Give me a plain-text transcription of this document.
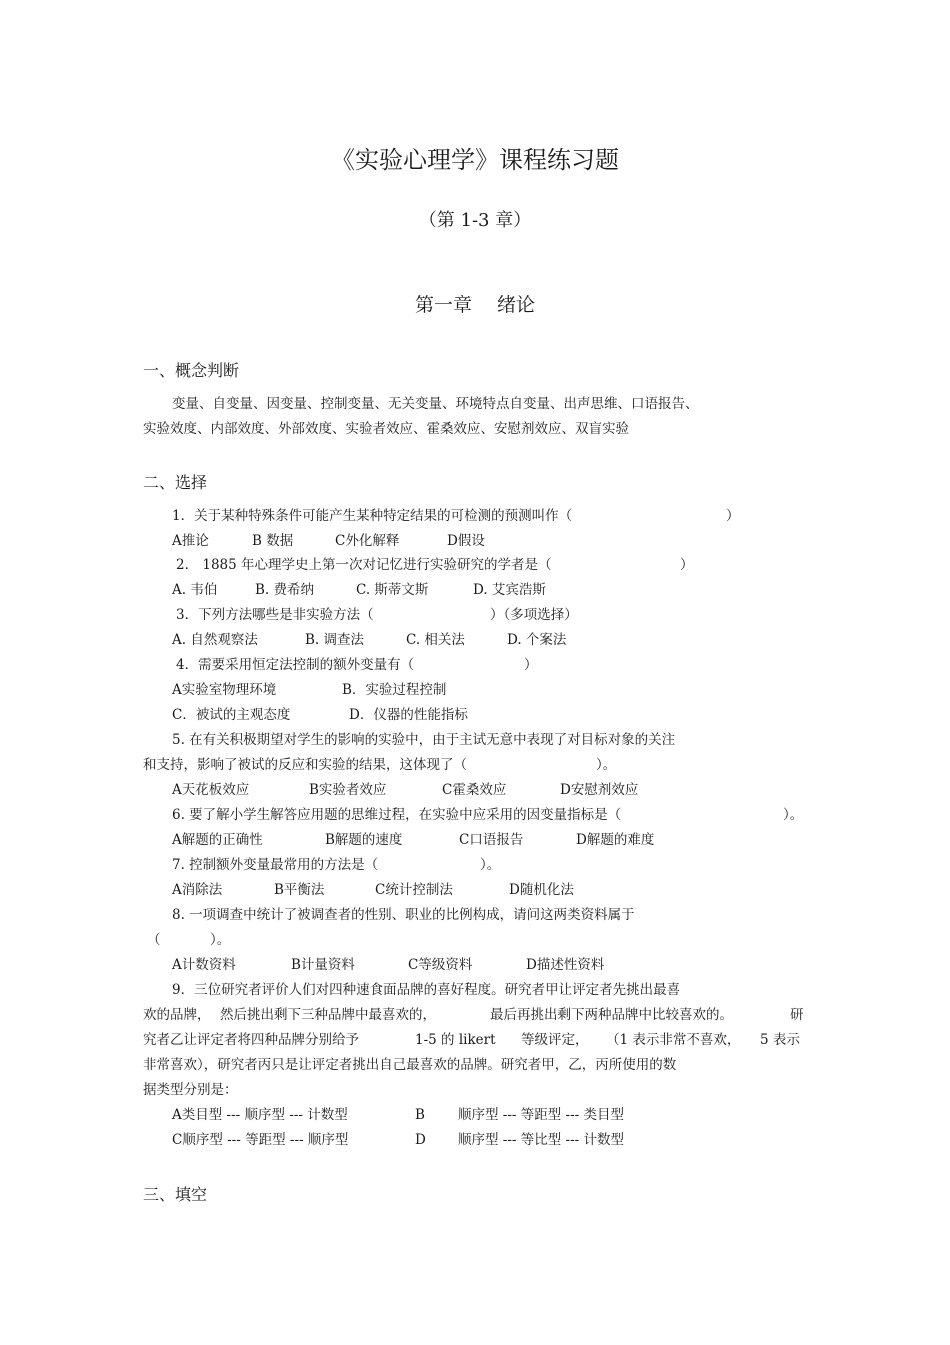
《实验心理学》课程练习题
（第 1-3 章）
第一章　 绪论
一、概念判断
变量、自变量、因变量、控制变量、无关变量、环境特点自变量、出声思维、口语报告、
实验效度、内部效度、外部效度、实验者效应、霍桑效应、安慰剂效应、双盲实验
二、选择
1．关于某种特殊条件可能产生某种特定结果的可检测的预测叫作（	）
A推论	B 数据	C外化解释	D假设
2． 1885 年心理学史上第一次对记忆进行实验研究的学者是（	）
A. 韦伯	B. 费希纳	C. 斯蒂文斯	D. 艾宾浩斯
3．下列方法哪些是非实验方法（	）（多项选择）
A. 自然观察法	B. 调查法	C. 相关法	D. 个案法
4．需要采用恒定法控制的额外变量有（	）
A实验室物理环境	B．实验过程控制
C．被试的主观态度	D．仪器的性能指标
5. 在有关积极期望对学生的影响的实验中，由于主试无意中表现了对目标对象的关注
和支持，影响了被试的反应和实验的结果，这体现了（	）。
A天花板效应	B实验者效应	C霍桑效应	D安慰剂效应
6. 要了解小学生解答应用题的思维过程，在实验中应采用的因变量指标是（	）。
A解题的正确性	B解题的速度	C口语报告	D解题的难度
7. 控制额外变量最常用的方法是（	）。
A消除法	B平衡法	C统计控制法	D随机化法
8. 一项调查中统计了被调查者的性别、职业的比例构成，请问这两类资料属于
（	）。
A计数资料	B计量资料	C等级资料	D描述性资料
9．三位研究者评价人们对四种速食面品牌的喜好程度。研究者甲让评定者先挑出最喜
欢的品牌， 然后挑出剩下三种品牌中最喜欢的，	最后再挑出剩下两种品牌中比较喜欢的。	研
究者乙让评定者将四种品牌分别给予	1-5 的 likert 等级评定， （1 表示非常不喜欢， 5 表示
非常喜欢），研究者丙只是让评定者挑出自己最喜欢的品牌。研究者甲，乙，丙所使用的数
据类型分别是：
A类目型 --- 顺序型 --- 计数型	B 顺序型 --- 等距型 --- 类目型
C顺序型 --- 等距型 --- 顺序型	D 顺序型 --- 等比型 --- 计数型
三、填空
